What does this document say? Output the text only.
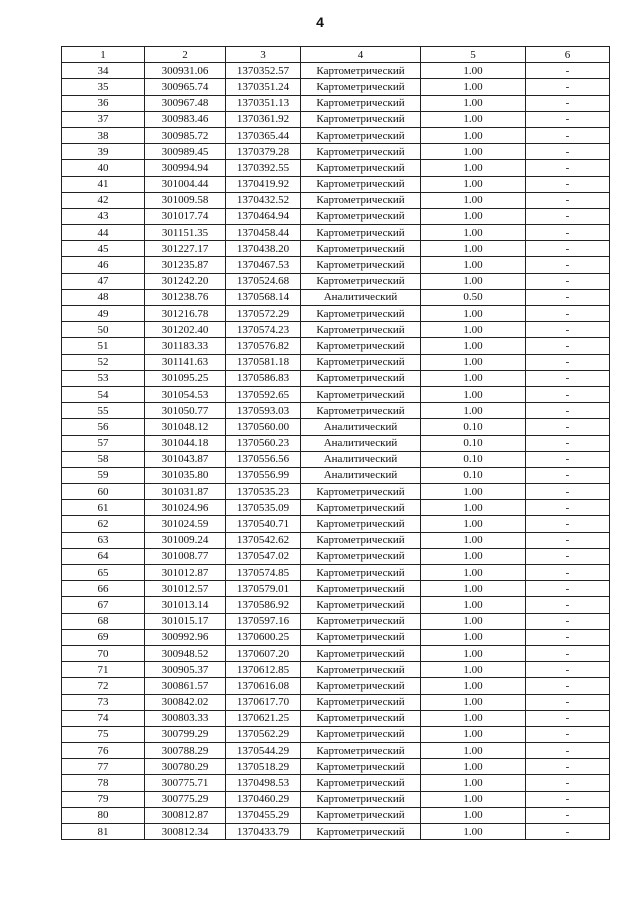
4
1	2	3	4	5	6
34	300931.06	1370352.57	Картометрический	1.00	-
35	300965.74	1370351.24	Картометрический	1.00	-
36	300967.48	1370351.13	Картометрический	1.00	-
37	300983.46	1370361.92	Картометрический	1.00	-
38	300985.72	1370365.44	Картометрический	1.00	-
39	300989.45	1370379.28	Картометрический	1.00	-
40	300994.94	1370392.55	Картометрический	1.00	-
41	301004.44	1370419.92	Картометрический	1.00	-
42	301009.58	1370432.52	Картометрический	1.00	-
43	301017.74	1370464.94	Картометрический	1.00	-
44	301151.35	1370458.44	Картометрический	1.00	-
45	301227.17	1370438.20	Картометрический	1.00	-
46	301235.87	1370467.53	Картометрический	1.00	-
47	301242.20	1370524.68	Картометрический	1.00	-
48	301238.76	1370568.14	Аналитический	0.50	-
49	301216.78	1370572.29	Картометрический	1.00	-
50	301202.40	1370574.23	Картометрический	1.00	-
51	301183.33	1370576.82	Картометрический	1.00	-
52	301141.63	1370581.18	Картометрический	1.00	-
53	301095.25	1370586.83	Картометрический	1.00	-
54	301054.53	1370592.65	Картометрический	1.00	-
55	301050.77	1370593.03	Картометрический	1.00	-
56	301048.12	1370560.00	Аналитический	0.10	-
57	301044.18	1370560.23	Аналитический	0.10	-
58	301043.87	1370556.56	Аналитический	0.10	-
59	301035.80	1370556.99	Аналитический	0.10	-
60	301031.87	1370535.23	Картометрический	1.00	-
61	301024.96	1370535.09	Картометрический	1.00	-
62	301024.59	1370540.71	Картометрический	1.00	-
63	301009.24	1370542.62	Картометрический	1.00	-
64	301008.77	1370547.02	Картометрический	1.00	-
65	301012.87	1370574.85	Картометрический	1.00	-
66	301012.57	1370579.01	Картометрический	1.00	-
67	301013.14	1370586.92	Картометрический	1.00	-
68	301015.17	1370597.16	Картометрический	1.00	-
69	300992.96	1370600.25	Картометрический	1.00	-
70	300948.52	1370607.20	Картометрический	1.00	-
71	300905.37	1370612.85	Картометрический	1.00	-
72	300861.57	1370616.08	Картометрический	1.00	-
73	300842.02	1370617.70	Картометрический	1.00	-
74	300803.33	1370621.25	Картометрический	1.00	-
75	300799.29	1370562.29	Картометрический	1.00	-
76	300788.29	1370544.29	Картометрический	1.00	-
77	300780.29	1370518.29	Картометрический	1.00	-
78	300775.71	1370498.53	Картометрический	1.00	-
79	300775.29	1370460.29	Картометрический	1.00	-
80	300812.87	1370455.29	Картометрический	1.00	-
81	300812.34	1370433.79	Картометрический	1.00	-
